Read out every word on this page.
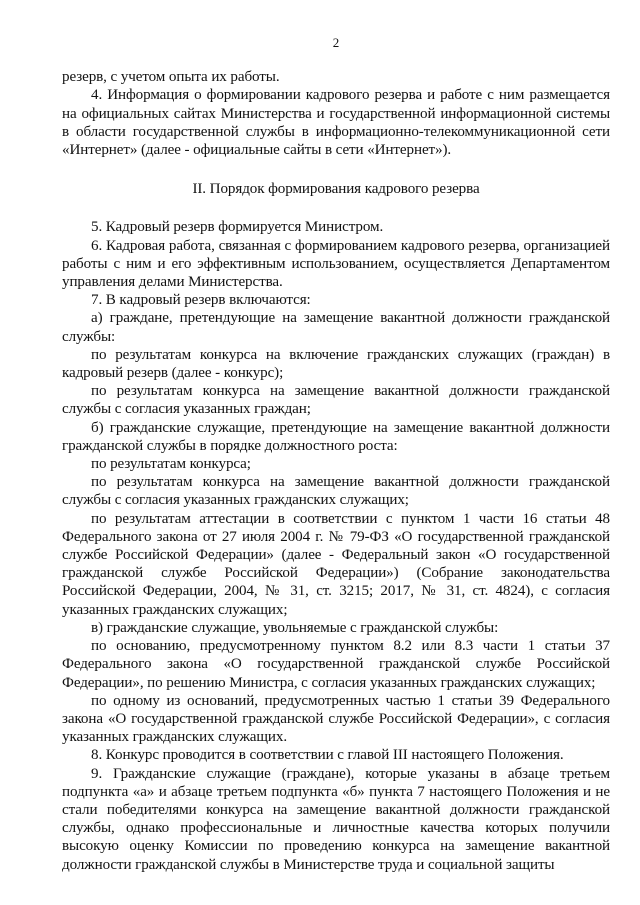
2

резерв, с учетом опыта их работы.

4. Информация о формировании кадрового резерва и работе с ним размещается на официальных сайтах Министерства и государственной информационной системы в области государственной службы в информационно-телекоммуникационной сети «Интернет» (далее - официальные сайты в сети «Интернет»).

II. Порядок формирования кадрового резерва

5. Кадровый резерв формируется Министром.

6. Кадровая работа, связанная с формированием кадрового резерва, организацией работы с ним и его эффективным использованием, осуществляется Департаментом управления делами Министерства.

7. В кадровый резерв включаются:

а) граждане, претендующие на замещение вакантной должности гражданской службы:

по результатам конкурса на включение гражданских служащих (граждан) в кадровый резерв (далее - конкурс);

по результатам конкурса на замещение вакантной должности гражданской службы с согласия указанных граждан;

б) гражданские служащие, претендующие на замещение вакантной должности гражданской службы в порядке должностного роста:

по результатам конкурса;

по результатам конкурса на замещение вакантной должности гражданской службы с согласия указанных гражданских служащих;

по результатам аттестации в соответствии с пунктом 1 части 16 статьи 48 Федерального закона от 27 июля 2004 г. № 79-ФЗ «О государственной гражданской службе Российской Федерации» (далее - Федеральный закон «О государственной гражданской службе Российской Федерации») (Собрание законодательства Российской Федерации, 2004, № 31, ст. 3215; 2017, № 31, ст. 4824), с согласия указанных гражданских служащих;

в) гражданские служащие, увольняемые с гражданской службы:

по основанию, предусмотренному пунктом 8.2 или 8.3 части 1 статьи 37 Федерального закона «О государственной гражданской службе Российской Федерации», по решению Министра, с согласия указанных гражданских служащих;

по одному из оснований, предусмотренных частью 1 статьи 39 Федерального закона «О государственной гражданской службе Российской Федерации», с согласия указанных гражданских служащих.

8. Конкурс проводится в соответствии с главой III настоящего Положения.

9. Гражданские служащие (граждане), которые указаны в абзаце третьем подпункта «а» и абзаце третьем подпункта «б» пункта 7 настоящего Положения и не стали победителями конкурса на замещение вакантной должности гражданской службы, однако профессиональные и личностные качества которых получили высокую оценку Комиссии по проведению конкурса на замещение вакантной должности гражданской службы в Министерстве труда и социальной защиты
